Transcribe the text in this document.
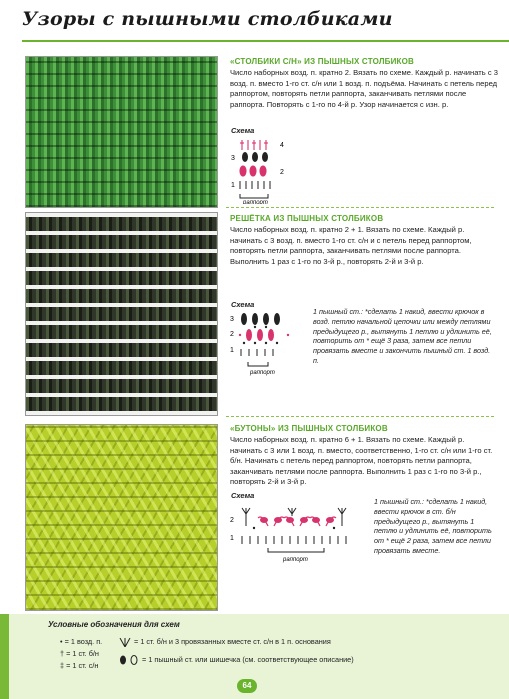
Узоры с пышными столбиками
«СТОЛБИКИ С/Н» ИЗ ПЫШНЫХ СТОЛБИКОВ
Число наборных возд. п. кратно 2. Вязать по схеме. Каждый р. начинать с 3 возд. п. вместо 1-го ст. с/н или 1 возд. п. подъёма. Начинать с петель перед раппортом, повторять петли раппорта, заканчивать петлями после раппорта. Повторять с 1-го по 4-й р. Узор начинается с изн. р.
Схема
4
3
2
1
раппорт
РЕШЁТКА ИЗ ПЫШНЫХ СТОЛБИКОВ
Число наборных возд. п. кратно 2 + 1. Вязать по схеме. Каждый р. начинать с 3 возд. п. вместо 1-го ст. с/н и с петель перед раппортом, повторять петли раппорта, заканчивать петлями после раппорта. Выполнить 1 раз с 1-го по 3-й р., повторять 2-й и 3-й р.
Схема
3
2
1
раппорт
1 пышный ст.: *сделать 1 накид, ввести крючок в возд. петлю начальной цепочки или между петлями предыдущего р., вытянуть 1 петлю и удлинить её, повторить от * ещё 3 раза, затем все петли провязать вместе и закончить пышный ст. 1 возд. п.
«БУТОНЫ» ИЗ ПЫШНЫХ СТОЛБИКОВ
Число наборных возд. п. кратно 6 + 1. Вязать по схеме. Каждый р. начинать с 3 или 1 возд. п. вместо, соответственно, 1-го ст. с/н или 1-го ст. б/н. Начинать с петель перед раппортом, повторять петли раппорта, заканчивать петлями после раппорта. Выполнить 1 раз с 1-го по 3-й р., повторять 2-й и 3-й р.
Схема
2
1
раппорт
1 пышный ст.: *сделать 1 накид, ввести крючок в ст. б/н предыдущего р., вытянуть 1 петлю и удлинить её, повторить от * ещё 2 раза, затем все петли провязать вместе.
Условные обозначения для схем
• = 1 возд. п.
† = 1 ст. б/н
‡ = 1 ст. с/н
= 1 ст. б/н и 3 провязанных вместе ст. с/н в 1 п. основания
= 1 пышный ст. или шишечка (см. соответствующее описание)
64
